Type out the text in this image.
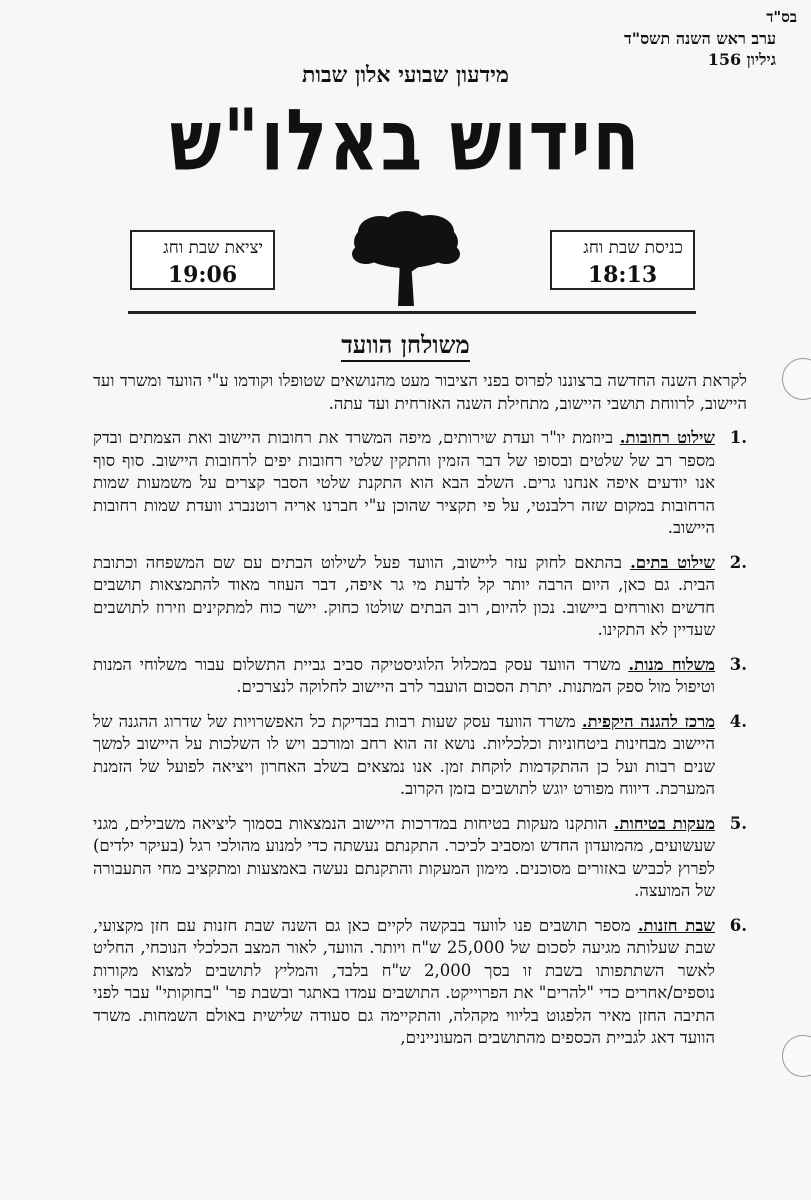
בס"ד
ערב ראש השנה תשס"ד
גיליון 156
מידעון שבועי אלון שבות
חידוש באלו"ש
כניסת שבת וחג
18:13
יציאת שבת וחג
19:06
משולחן הוועד

לקראת השנה החדשה ברצוננו לפרוס בפני הציבור מעט מהנושאים שטופלו וקודמו ע"י הוועד ומשרד ועד היישוב, לרווחת תושבי היישוב, מתחילת השנה האזרחית ועד עתה.

1.
שילוט רחובות. ביוזמת יו"ר ועדת שירותים, מיפה המשרד את רחובות היישוב ואת הצמתים ובדק מספר רב של שלטים ובסופו של דבר הזמין והתקין שלטי רחובות יפים לרחובות היישוב. סוף סוף אנו יודעים איפה אנחנו גרים. השלב הבא הוא התקנת שלטי הסבר קצרים על משמעות שמות הרחובות במקום שזה רלבנטי, על פי תקציר שהוכן ע"י חברנו אריה רוטנברג וועדת שמות רחובות היישוב.
2.
שילוט בתים. בהתאם לחוק עזר ליישוב, הוועד פעל לשילוט הבתים עם שם המשפחה וכתובת הבית. גם כאן, היום הרבה יותר קל לדעת מי גר איפה, דבר העוזר מאוד להתמצאות תושבים חדשים ואורחים ביישוב. נכון להיום, רוב הבתים שולטו כחוק. יישר כוח למתקינים וזירוז לתושבים שעדיין לא התקינו.
3.
משלוח מנות. משרד הוועד עסק במכלול הלוגיסטיקה סביב גביית התשלום עבור משלוחי המנות וטיפול מול ספק המתנות. יתרת הסכום הועבר לרב היישוב לחלוקה לנצרכים.
4.
מרכז להגנה היקפית. משרד הוועד עסק שעות רבות בבדיקת כל האפשרויות של שדרוג ההגנה של היישוב מבחינות ביטחוניות וכלכליות. נושא זה הוא רחב ומורכב ויש לו השלכות על היישוב למשך שנים רבות ועל כן ההתקדמות לוקחת זמן. אנו נמצאים בשלב האחרון ויציאה לפועל של הזמנת המערכת. דיווח מפורט יוגש לתושבים בזמן הקרוב.
5.
מעקות בטיחות. הותקנו מעקות בטיחות במדרכות היישוב הנמצאות בסמוך ליציאה משבילים, מגני שעשועים, מהמועדון החדש ומסביב לכיכר. התקנתם נעשתה כדי למנוע מהולכי רגל (בעיקר ילדים) לפרוץ לכביש באזורים מסוכנים. מימון המעקות והתקנתם נעשה באמצעות ומתקציב מחי התעבורה של המועצה.
6.
שבת חזנות. מספר תושבים פנו לוועד בבקשה לקיים כאן גם השנה שבת חזנות עם חזן מקצועי, שבת שעלותה מגיעה לסכום של 25,000 ש"ח ויותר. הוועד, לאור המצב הכלכלי הנוכחי, החליט לאשר השתתפותו בשבת זו בסך 2,000 ש"ח בלבד, והמליץ לתושבים למצוא מקורות נוספים/אחרים כדי "להרים" את הפרוייקט. התושבים עמדו באתגר ובשבת פר' "בחוקותי" עבר לפני התיבה החזן מאיר הלפגוט בליווי מקהלה, והתקיימה גם סעודה שלישית באולם השמחות. משרד הוועד דאג לגביית הכספים מהתושבים המעוניינים,
